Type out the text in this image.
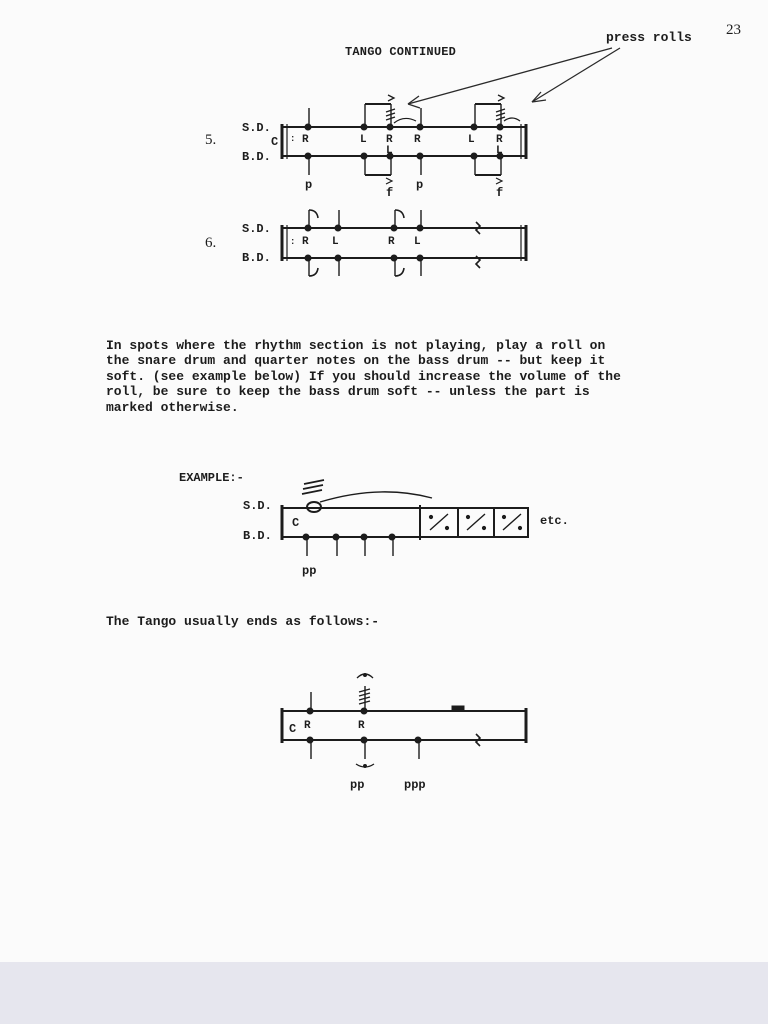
23
TANGO CONTINUED
press rolls
5.
S.D.
B.D.
C : R	L R
L
R	L R
L
p
f
p
f
6.
S.D.
B.D.
: R L	R L
In spots where the rhythm section is not playing, play a roll on
the snare drum and quarter notes on the bass drum -- but keep it
soft. (see example below) If you should increase the volume of the
roll, be sure to keep the bass drum soft -- unless the part is
marked otherwise.
EXAMPLE:-
S.D.
B.D.
etc.
C
pp
The Tango usually ends as follows:-
C R	R
pp	ppp
